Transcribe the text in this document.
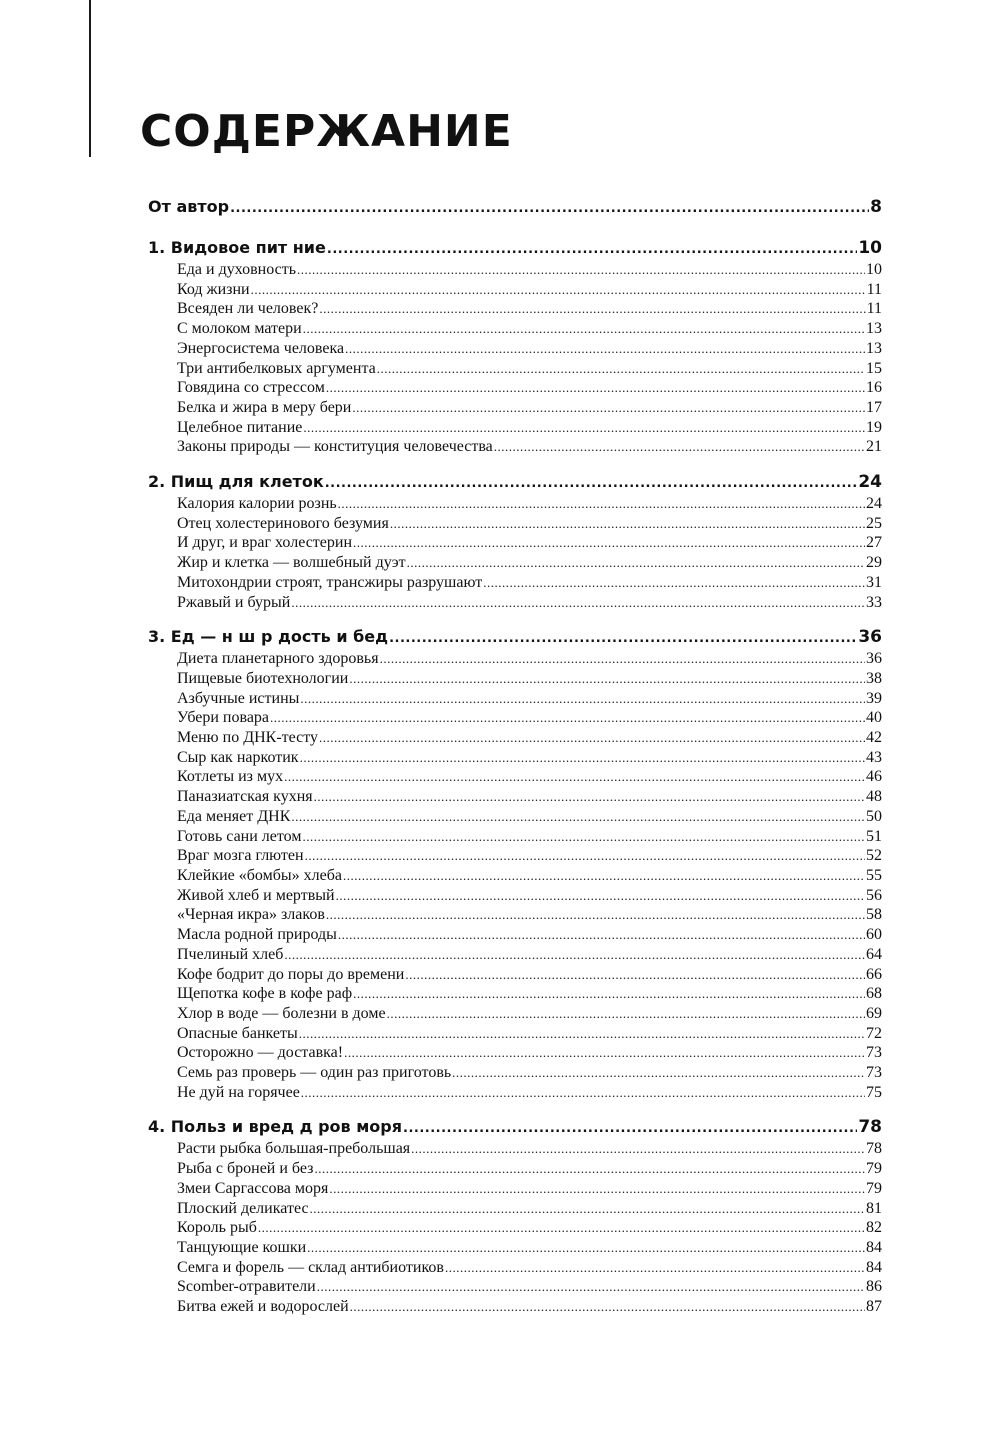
СОДЕРЖАНИЕ
От автор .....	8
1. Видовое пит ние .....	10
Еда и духовность .....	10
Код жизни .....	11
Всеяден ли человек? .....	11
С молоком матери .....	13
Энергосистема человека .....	13
Три антибелковых аргумента .....	15
Говядина со стрессом .....	16
Белка и жира в меру бери .....	17
Целебное питание .....	19
Законы природы — конституция человечества .....	21
2. Пищ для клеток .....	24
Калория калории рознь .....	24
Отец холестеринового безумия .....	25
И друг, и враг холестерин .....	27
Жир и клетка — волшебный дуэт .....	29
Митохондрии строят, трансжиры разрушают .....	31
Ржавый и бурый .....	33
3. Ед — н ш р дость и бед .....	36
Диета планетарного здоровья .....	36
Пищевые биотехнологии .....	38
Азбучные истины .....	39
Убери повара .....	40
Меню по ДНК-тесту .....	42
Сыр как наркотик .....	43
Котлеты из мух .....	46
Паназиатская кухня .....	48
Еда меняет ДНК .....	50
Готовь сани летом .....	51
Враг мозга глютен .....	52
Клейкие «бомбы» хлеба .....	55
Живой хлеб и мертвый .....	56
«Черная икра» злаков .....	58
Масла родной природы .....	60
Пчелиный хлеб .....	64
Кофе бодрит до поры до времени .....	66
Щепотка кофе в кофе раф .....	68
Хлор в воде — болезни в доме .....	69
Опасные банкеты .....	72
Осторожно — доставка! .....	73
Семь раз проверь — один раз приготовь .....	73
Не дуй на горячее .....	75
4. Польз и вред д ров моря .....	78
Расти рыбка большая-пребольшая .....	78
Рыба с броней и без .....	79
Змеи Саргассова моря .....	79
Плоский деликатес .....	81
Король рыб .....	82
Танцующие кошки .....	84
Семга и форель — склад антибиотиков .....	84
Scomber-отравители .....	86
Битва ежей и водорослей .....	87
